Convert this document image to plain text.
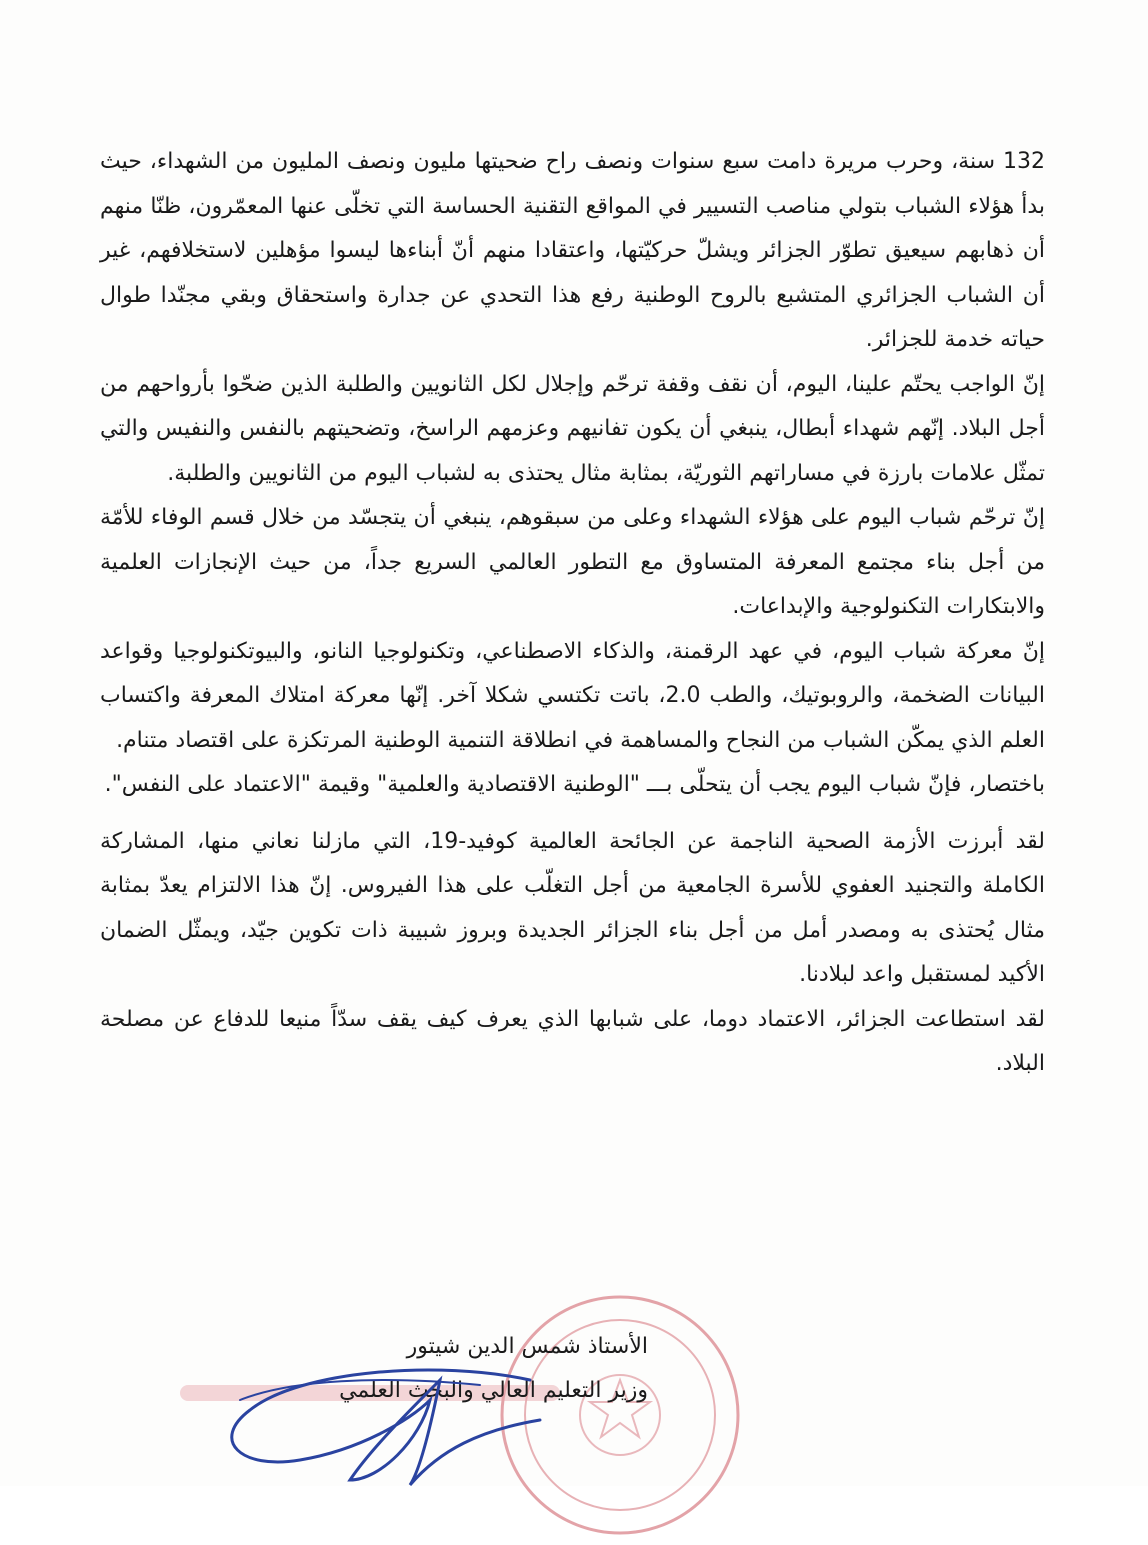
132 سنة، وحرب مريرة دامت سبع سنوات ونصف راح ضحيتها مليون ونصف المليون من الشهداء، حيث بدأ هؤلاء الشباب بتولي مناصب التسيير في المواقع التقنية الحساسة التي تخلّى عنها المعمّرون، ظنّا منهم أن ذهابهم سيعيق تطوّر الجزائر ويشلّ حركيّتها، واعتقادا منهم أنّ أبناءها ليسوا مؤهلين لاستخلافهم، غير أن الشباب الجزائري المتشبع بالروح الوطنية رفع هذا التحدي عن جدارة واستحقاق وبقي مجنّدا طوال حياته خدمة للجزائر.

إنّ الواجب يحتّم علينا، اليوم، أن نقف وقفة ترحّم وإجلال لكل الثانويين والطلبة الذين ضحّوا بأرواحهم من أجل البلاد. إنّهم شهداء أبطال، ينبغي أن يكون تفانيهم وعزمهم الراسخ، وتضحيتهم بالنفس والنفيس والتي تمثّل علامات بارزة في مساراتهم الثوريّة، بمثابة مثال يحتذى به لشباب اليوم من الثانويين والطلبة.

إنّ ترحّم شباب اليوم على هؤلاء الشهداء وعلى من سبقوهم، ينبغي أن يتجسّد من خلال قسم الوفاء للأمّة من أجل بناء مجتمع المعرفة المتساوق مع التطور العالمي السريع جداً، من حيث الإنجازات العلمية والابتكارات التكنولوجية والإبداعات.

إنّ معركة شباب اليوم، في عهد الرقمنة، والذكاء الاصطناعي، وتكنولوجيا النانو، والبيوتكنولوجيا وقواعد البيانات الضخمة، والروبوتيك، والطب 2.0، باتت تكتسي شكلا آخر. إنّها معركة امتلاك المعرفة واكتساب العلم الذي يمكّن الشباب من النجاح والمساهمة في انطلاقة التنمية الوطنية المرتكزة على اقتصاد متنام.

باختصار، فإنّ شباب اليوم يجب أن يتحلّى بـــ "الوطنية الاقتصادية والعلمية" وقيمة "الاعتماد على النفس".

لقد أبرزت الأزمة الصحية الناجمة عن الجائحة العالمية كوفيد-19، التي مازلنا نعاني منها، المشاركة الكاملة والتجنيد العفوي للأسرة الجامعية من أجل التغلّب على هذا الفيروس. إنّ هذا الالتزام يعدّ بمثابة مثال يُحتذى به ومصدر أمل من أجل بناء الجزائر الجديدة وبروز شبيبة ذات تكوين جيّد، ويمثّل الضمان الأكيد لمستقبل واعد لبلادنا.

لقد استطاعت الجزائر، الاعتماد دوما، على شبابها الذي يعرف كيف يقف سدّاً منيعا للدفاع عن مصلحة البلاد.

الأستاذ شمس الدين شيتور
وزير التعليم العالي والبحث العلمي
